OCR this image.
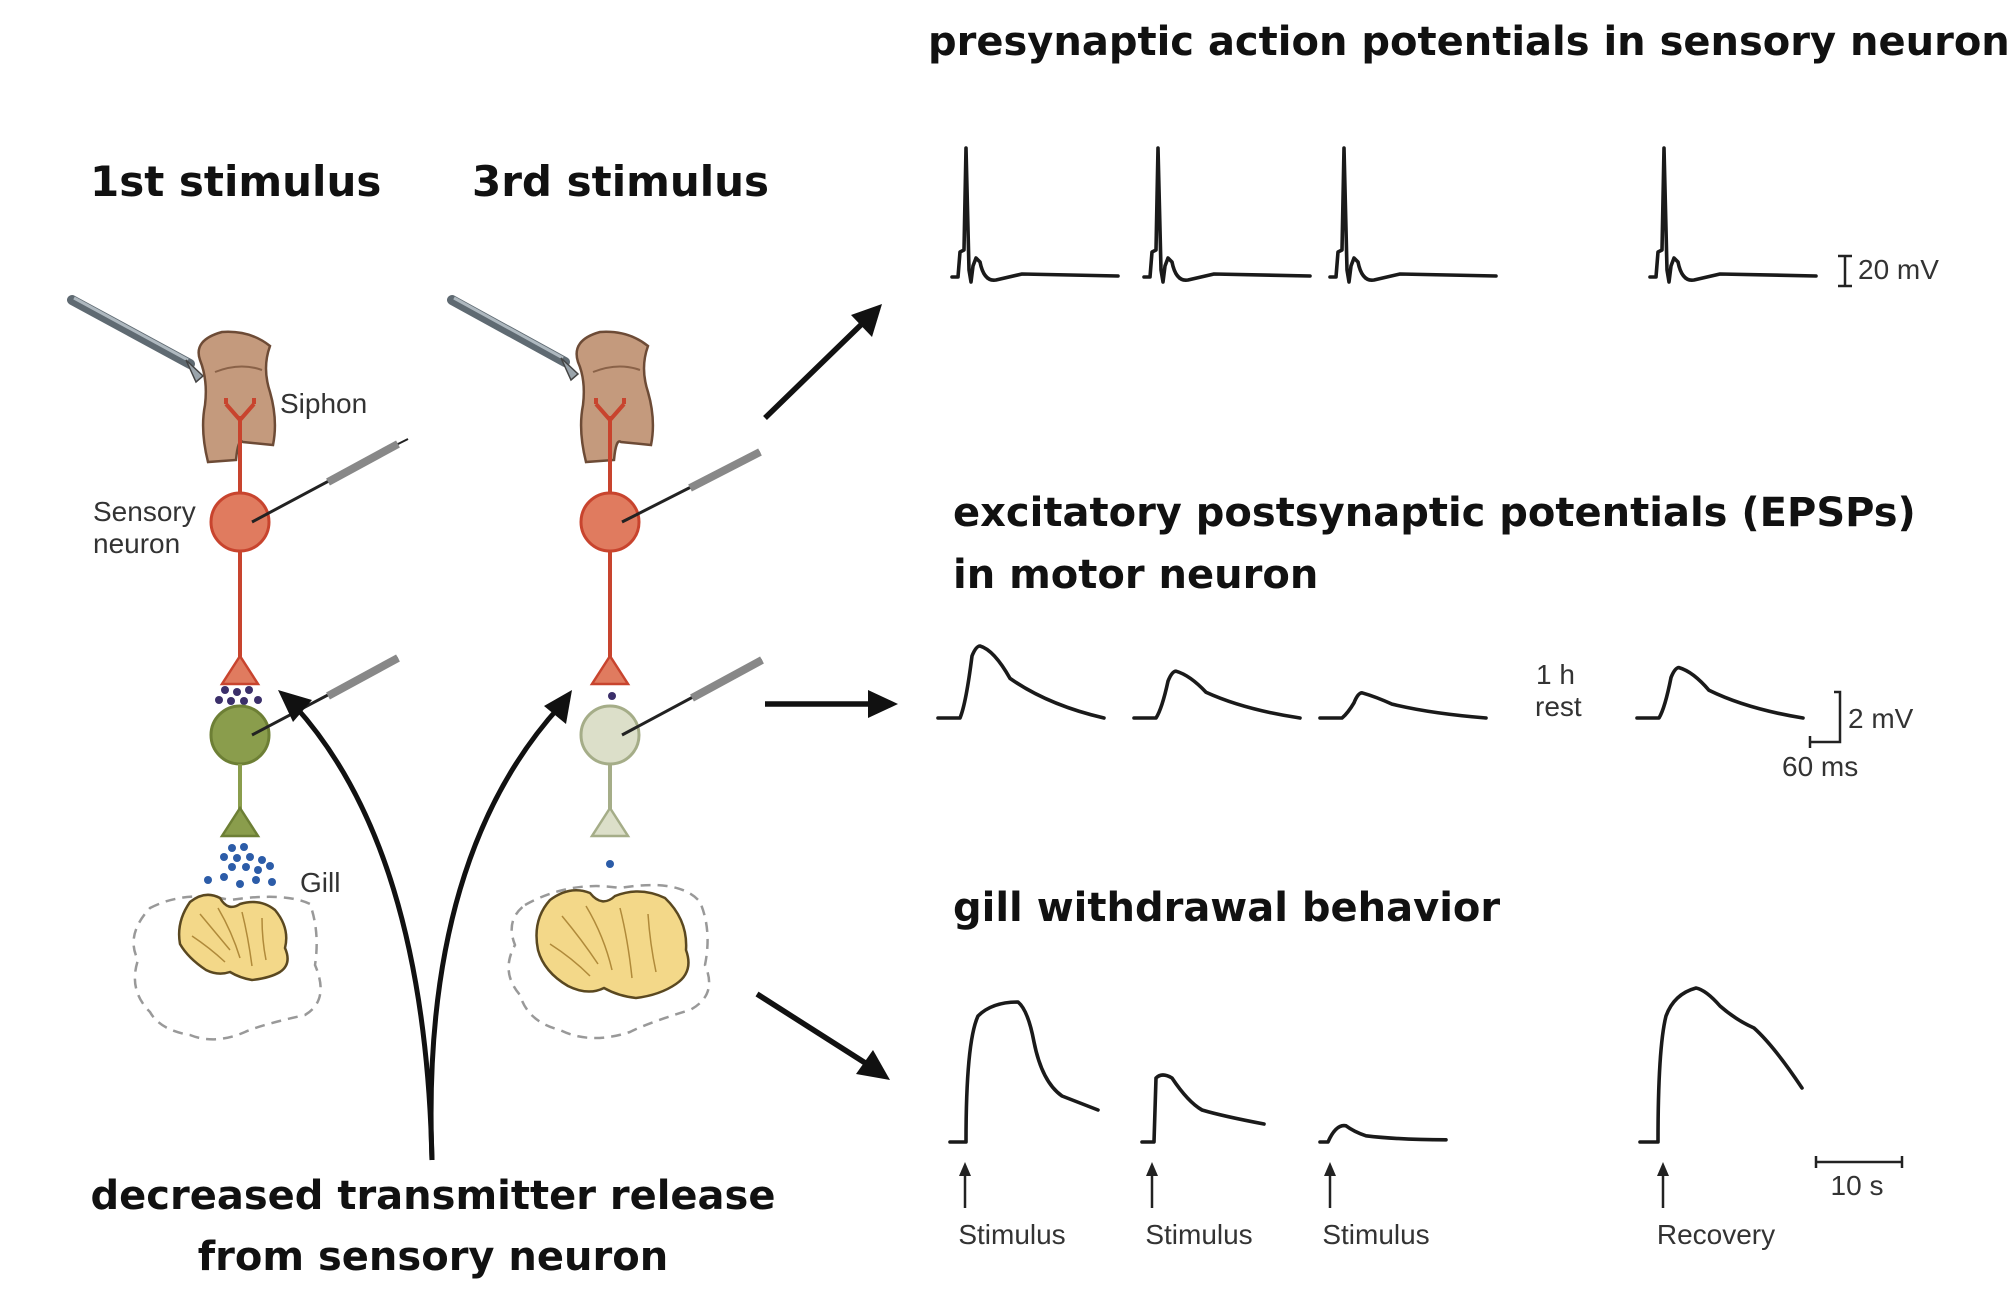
1st stimulus 3rd stimulus
presynaptic action potentials in sensory neuron
excitatory postsynaptic potentials (EPSPs)
in motor neuron
gill withdrawal behavior
decreased transmitter release
from sensory neuron
Siphon
Sensory
neuron
Gill
20 mV
1 h
rest	2 mV
60 ms
Stimulus	Stimulus Stimulus	Recovery
10 s
